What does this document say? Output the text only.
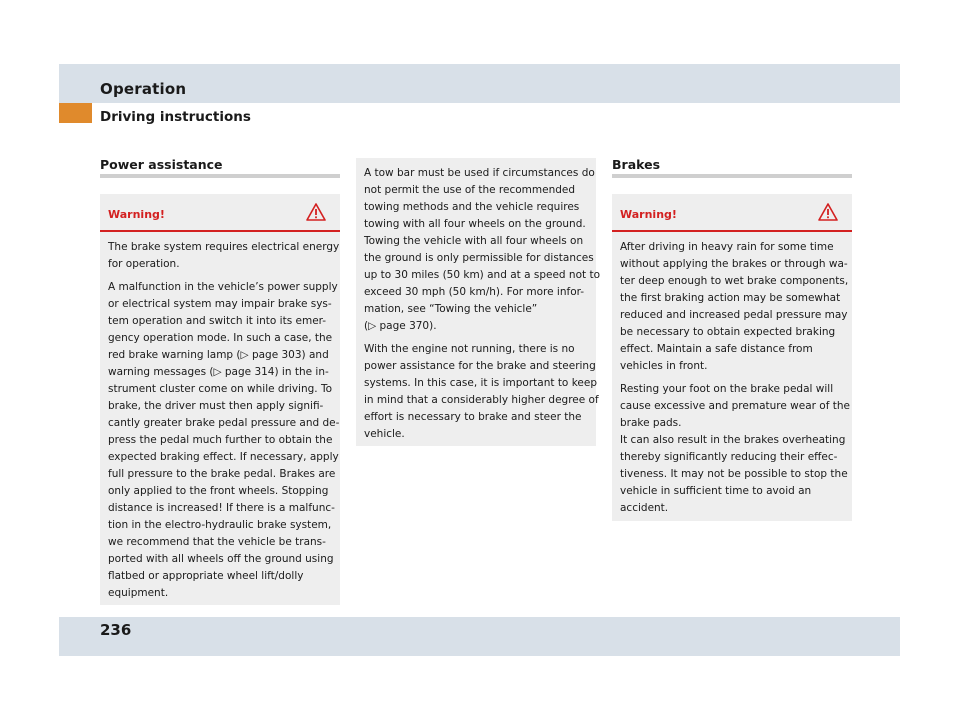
Operation
Driving instructions
Power assistance
Warning!

The brake system requires electrical energy

for operation.

A malfunction in the vehicle’s power supply

or electrical system may impair brake sys-

tem operation and switch it into its emer-

gency operation mode. In such a case, the

red brake warning lamp (▷ page 303) and

warning messages (▷ page 314) in the in-

strument cluster come on while driving. To

brake, the driver must then apply signifi-

cantly greater brake pedal pressure and de-

press the pedal much further to obtain the

expected braking effect. If necessary, apply

full pressure to the brake pedal. Brakes are

only applied to the front wheels. Stopping

distance is increased! If there is a malfunc-

tion in the electro-hydraulic brake system,

we recommend that the vehicle be trans-

ported with all wheels off the ground using

flatbed or appropriate wheel lift/dolly

equipment.

A tow bar must be used if circumstances do

not permit the use of the recommended

towing methods and the vehicle requires

towing with all four wheels on the ground.

Towing the vehicle with all four wheels on

the ground is only permissible for distances

up to 30 miles (50 km) and at a speed not to

exceed 30 mph (50 km/h). For more infor-

mation, see “Towing the vehicle”

(▷ page 370).

With the engine not running, there is no

power assistance for the brake and steering

systems. In this case, it is important to keep

in mind that a considerably higher degree of

effort is necessary to brake and steer the

vehicle.

Brakes
Warning!

After driving in heavy rain for some time

without applying the brakes or through wa-

ter deep enough to wet brake components,

the first braking action may be somewhat

reduced and increased pedal pressure may

be necessary to obtain expected braking

effect. Maintain a safe distance from

vehicles in front.

Resting your foot on the brake pedal will

cause excessive and premature wear of the

brake pads.

It can also result in the brakes overheating

thereby significantly reducing their effec-

tiveness. It may not be possible to stop the

vehicle in sufficient time to avoid an

accident.

236
